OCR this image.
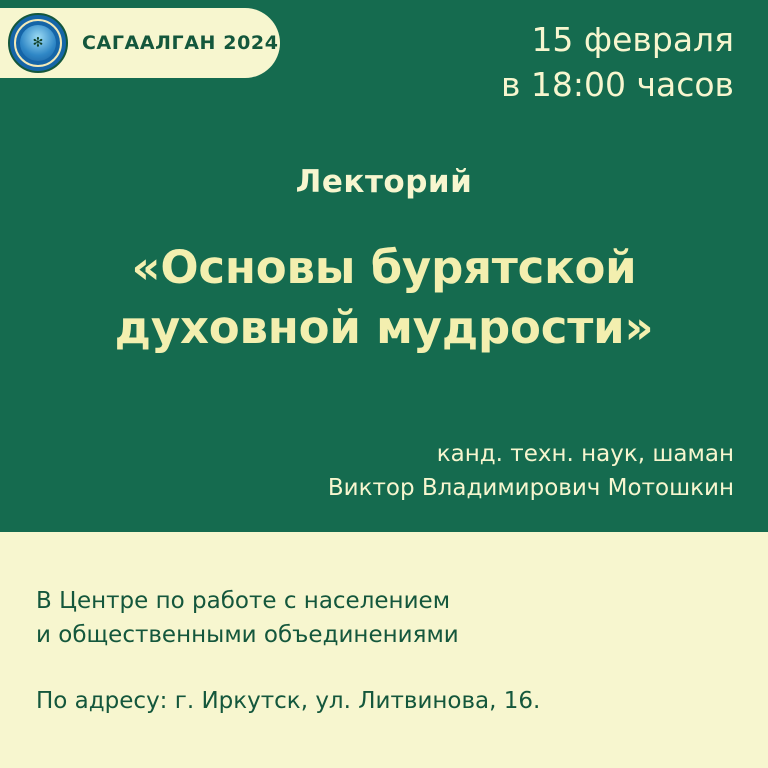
✻	САГААЛГАН 2024	15 февраля
в 18:00 часов
Лекторий
«Основы бурятской
духовной мудрости»
канд. техн. наук, шаман
Виктор Владимирович Мотошкин
В Центре по работе с населением
и общественными объединениями
По адресу: г. Иркутск, ул. Литвинова, 16.
